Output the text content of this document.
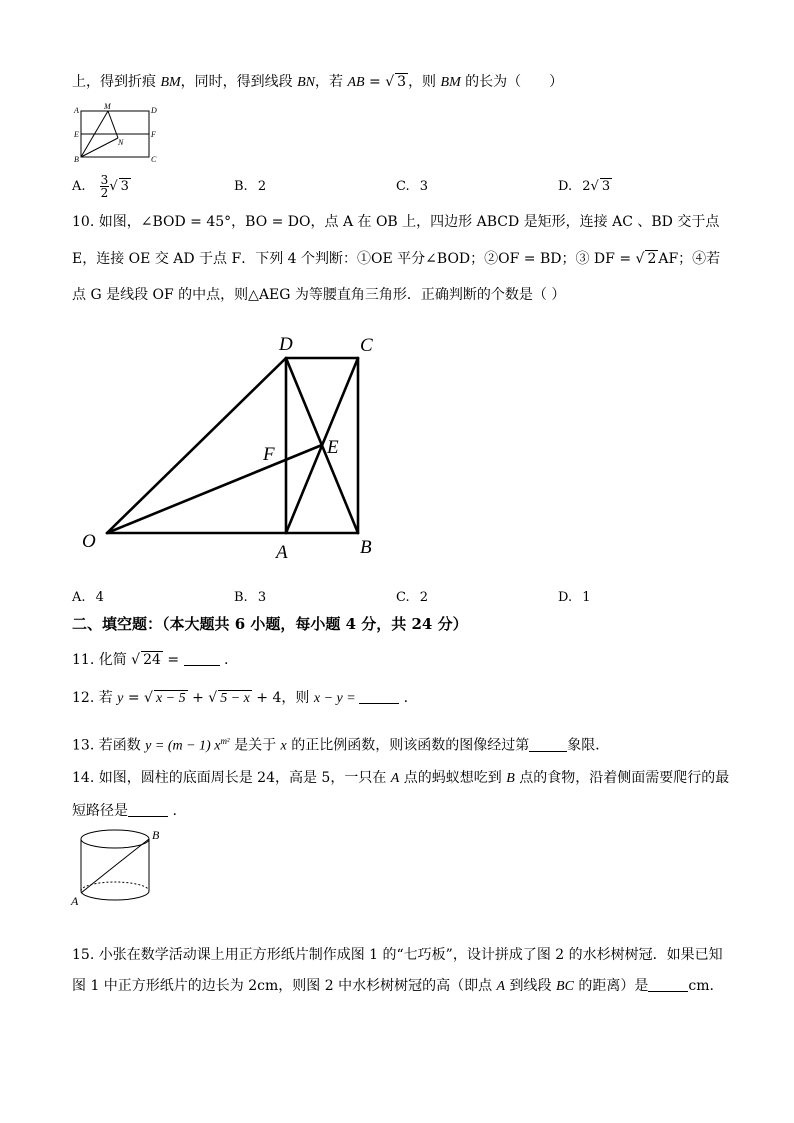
上，得到折痕 BM，同时，得到线段 BN，若 AB = √ 3 ，则 BM 的长为（　　）
A	M	D
E	F
N
B	C
A. $\frac{3}{2}$ √ 3	B. 2	C. 3	D. 2√ 3
10. 如图，∠BOD = 45°，BO = DO，点 A 在 OB 上，四边形 ABCD 是矩形，连接 AC 、BD 交于点
E，连接 OE 交 AD 于点 F．下列 4 个判断：①OE 平分∠BOD；②OF = BD；③ DF = √ 2 AF；④若
点 G 是线段 OF 的中点，则△AEG 为等腰直角三角形．正确判断的个数是（ ）
D	C
F	E
O
A	B
A. 4	B. 3	C. 2	D. 1
二、填空题：（本大题共 6 小题，每小题 4 分，共 24 分）
11. 化简 √ 24 =	.
12. 若 y = √ x − 5 + √ 5 − x + 4，则 x − y =	.
13. 若函数 y = (m − 1) $x^{m^2}$ 是关于 x 的正比例函数，则该函数的图像经过第	象限．
14. 如图，圆柱的底面周长是 24，高是 5，一只在 A 点的蚂蚁想吃到 B 点的食物，沿着侧面需要爬行的最
短路径是	.
B
A
15. 小张在数学活动课上用正方形纸片制作成图 1 的“七巧板”，设计拼成了图 2 的水杉树树冠．如果已知
图 1 中正方形纸片的边长为 2cm，则图 2 中水杉树树冠的高（即点 A 到线段 BC 的距离）是	cm.
